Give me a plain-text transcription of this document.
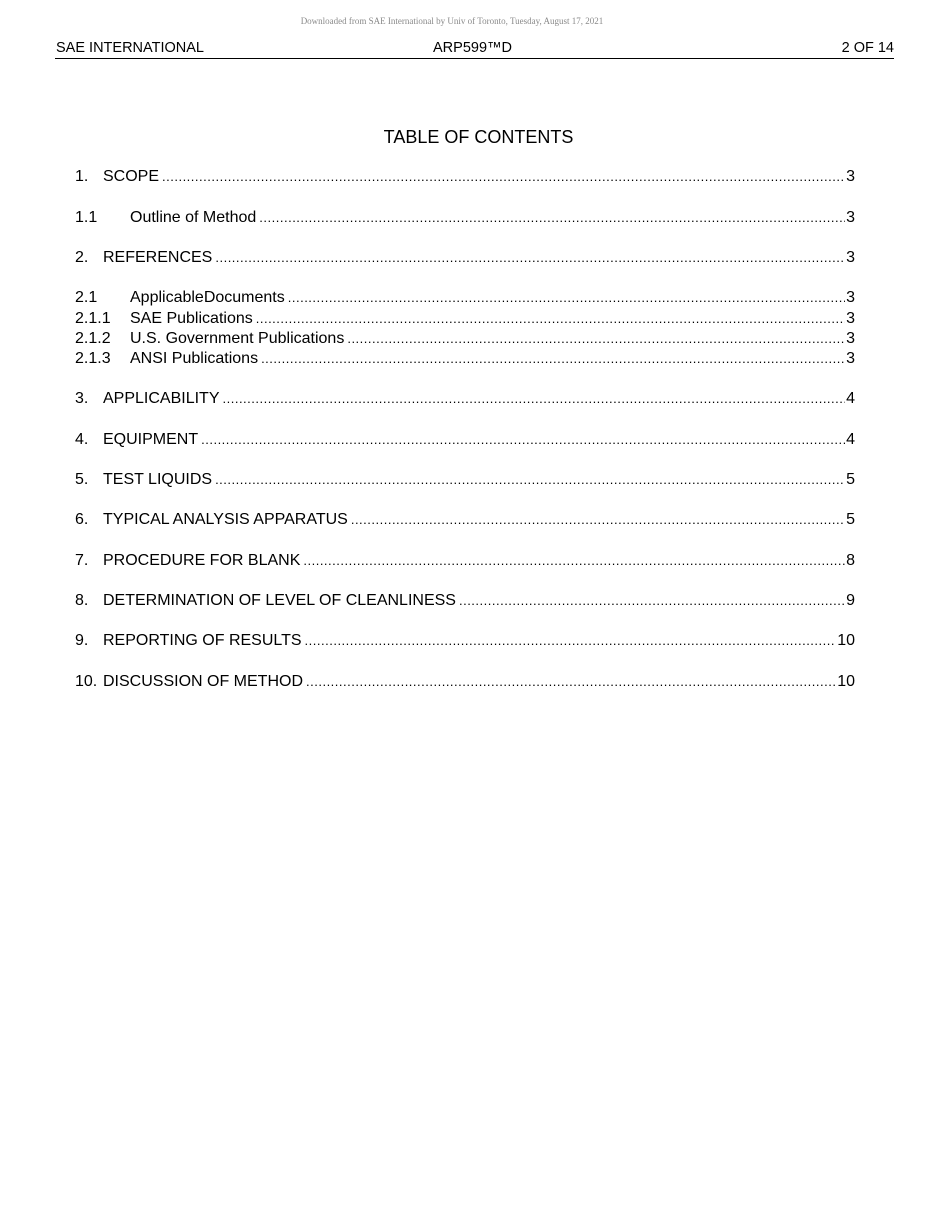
Downloaded from SAE International by Univ of Toronto, Tuesday, August 17, 2021
SAE INTERNATIONAL	ARP599™D	2 OF 14
TABLE OF CONTENTS
1. SCOPE .....	3
1.1	Outline of Method .....	3
2. REFERENCES .....	3
2.1	ApplicableDocuments .....	3
2.1.1	SAE Publications .....	3
2.1.2	U.S. Government Publications .....	3
2.1.3	ANSI Publications .....	3
3. APPLICABILITY .....	4
4. EQUIPMENT .....	4
5. TEST LIQUIDS .....	5
6. TYPICAL ANALYSIS APPARATUS .....	5
7. PROCEDURE FOR BLANK .....	8
8. DETERMINATION OF LEVEL OF CLEANLINESS .....	9
9. REPORTING OF RESULTS .....	10
10. DISCUSSION OF METHOD .....	10
